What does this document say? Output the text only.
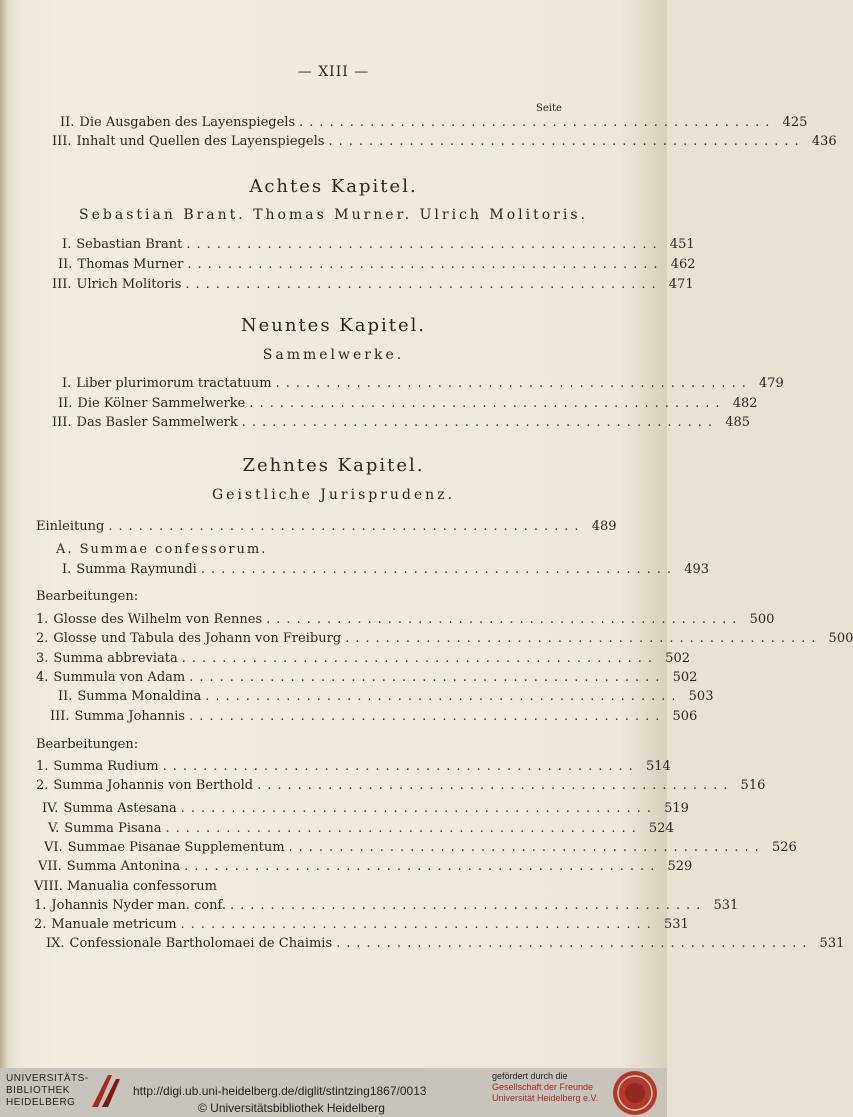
— XIII —
Seite
II. Die Ausgaben des Layenspiegels ............................................... 425
III. Inhalt und Quellen des Layenspiegels ............................................... 436
Achtes Kapitel.
Sebastian Brant. Thomas Murner. Ulrich Molitoris.
I. Sebastian Brant ............................................... 451
II. Thomas Murner ............................................... 462
III. Ulrich Molitoris ............................................... 471
Neuntes Kapitel.
Sammelwerke.
I. Liber plurimorum tractatuum ............................................... 479
II. Die Kölner Sammelwerke ............................................... 482
III. Das Basler Sammelwerk ............................................... 485
Zehntes Kapitel.
Geistliche Jurisprudenz.
Einleitung ............................................... 489
A. Summae confessorum.
I. Summa Raymundi ............................................... 493
Bearbeitungen:
1. Glosse des Wilhelm von Rennes ............................................... 500
2. Glosse und Tabula des Johann von Freiburg ............................................... 500
3. Summa abbreviata ............................................... 502
4. Summula von Adam ............................................... 502
II. Summa Monaldina ............................................... 503
III. Summa Johannis ............................................... 506
Bearbeitungen:
1. Summa Rudium ............................................... 514
2. Summa Johannis von Berthold ............................................... 516
IV. Summa Astesana ............................................... 519
V. Summa Pisana ............................................... 524
VI. Summae Pisanae Supplementum ............................................... 526
VII. Summa Antonina ............................................... 529
VIII. Manualia confessorum
1. Johannis Nyder man. conf. ............................................... 531
2. Manuale metricum ............................................... 531
IX. Confessionale Bartholomaei de Chaimis ............................................... 531
UNIVERSITÄTS-
BIBLIOTHEK
HEIDELBERG
http://digi.ub.uni-heidelberg.de/diglit/stintzing1867/0013
© Universitätsbibliothek Heidelberg
gefördert durch die
Gesellschaft der Freunde
Universität Heidelberg e.V.
